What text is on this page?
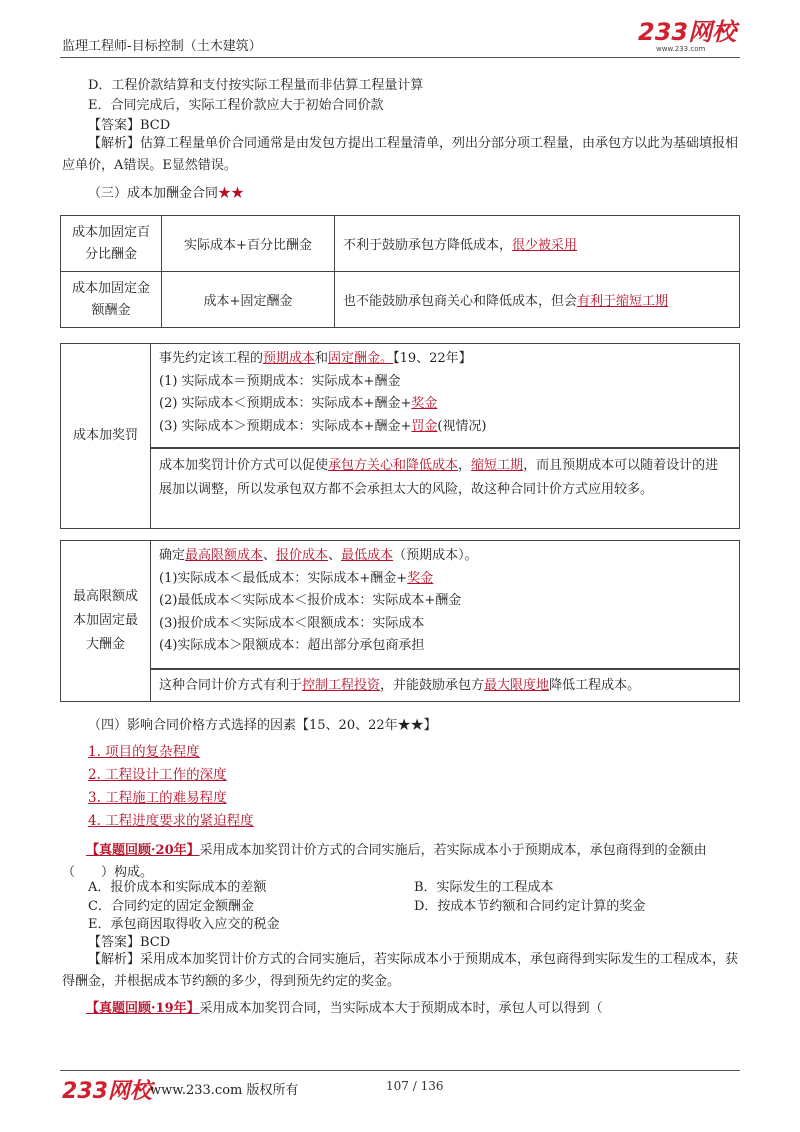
监理工程师-目标控制（土木建筑）
233网校
www.233.com
D．工程价款结算和支付按实际工程量而非估算工程量计算
E．合同完成后，实际工程价款应大于初始合同价款
【答案】BCD
【解析】估算工程量单价合同通常是由发包方提出工程量清单，列出分部分项工程量，由承包方以此为基础填报相应单价，A错误。E显然错误。
（三）成本加酬金合同★★
成本加固定百分比酬金	实际成本+百分比酬金	不利于鼓励承包方降低成本，很少被采用
成本加固定金额酬金	成本+固定酬金	也不能鼓励承包商关心和降低成本，但会有利于缩短工期
成本加奖罚
事先约定该工程的预期成本和固定酬金。【19、22年】
(1) 实际成本＝预期成本：实际成本+酬金
(2) 实际成本＜预期成本：实际成本+酬金+奖金
(3) 实际成本＞预期成本：实际成本+酬金+罚金(视情况)
成本加奖罚计价方式可以促使承包方关心和降低成本，缩短工期，而且预期成本可以随着设计的进展加以调整，所以发承包双方都不会承担太大的风险，故这种合同计价方式应用较多。
最高限额成本加固定最大酬金
确定最高限额成本、报价成本、最低成本（预期成本）。
(1)实际成本＜最低成本：实际成本+酬金+奖金
(2)最低成本＜实际成本＜报价成本：实际成本+酬金
(3)报价成本＜实际成本＜限额成本：实际成本
(4)实际成本＞限额成本：超出部分承包商承担
这种合同计价方式有利于控制工程投资，并能鼓励承包方最大限度地降低工程成本。
（四）影响合同价格方式选择的因素【15、20、22年★★】
1. 项目的复杂程度
2. 工程设计工作的深度
3. 工程施工的难易程度
4. 工程进度要求的紧迫程度
【真题回顾·20年】采用成本加奖罚计价方式的合同实施后，若实际成本小于预期成本，承包商得到的金额由（　　）构成。
A．报价成本和实际成本的差额	B．实际发生的工程成本
C．合同约定的固定金额酬金	D．按成本节约额和合同约定计算的奖金
E．承包商因取得收入应交的税金
【答案】BCD
【解析】采用成本加奖罚计价方式的合同实施后，若实际成本小于预期成本，承包商得到实际发生的工程成本，获得酬金，并根据成本节约额的多少，得到预先约定的奖金。
【真题回顾·19年】采用成本加奖罚合同，当实际成本大于预期成本时，承包人可以得到（
233网校
www.233.com 版权所有	107 / 136
